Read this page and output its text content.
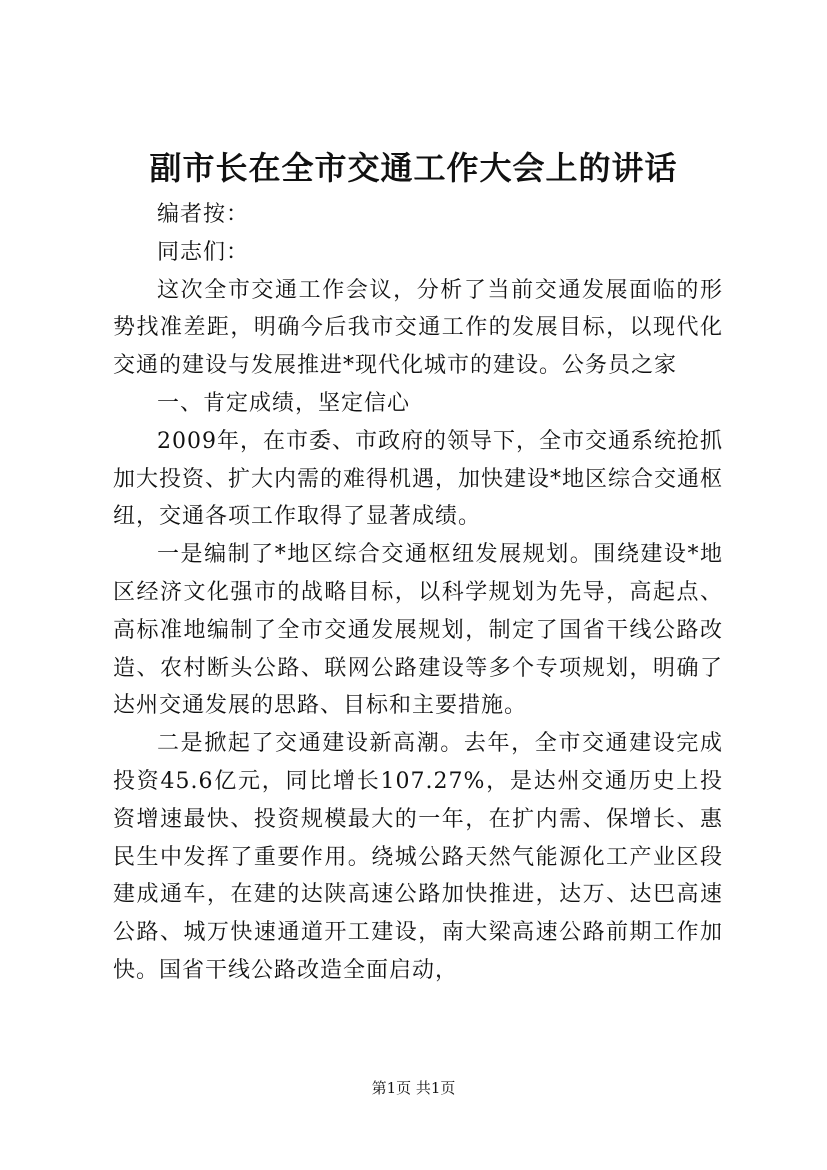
副市长在全市交通工作大会上的讲话

编者按：

同志们：

这次全市交通工作会议，分析了当前交通发展面临的形势找准差距，明确今后我市交通工作的发展目标，以现代化交通的建设与发展推进*现代化城市的建设。公务员之家

一、肯定成绩，坚定信心

2009年，在市委、市政府的领导下，全市交通系统抢抓加大投资、扩大内需的难得机遇，加快建设*地区综合交通枢纽，交通各项工作取得了显著成绩。

一是编制了*地区综合交通枢纽发展规划。围绕建设*地区经济文化强市的战略目标，以科学规划为先导，高起点、高标准地编制了全市交通发展规划，制定了国省干线公路改造、农村断头公路、联网公路建设等多个专项规划，明确了达州交通发展的思路、目标和主要措施。

二是掀起了交通建设新高潮。去年，全市交通建设完成投资45.6亿元，同比增长107.27%，是达州交通历史上投资增速最快、投资规模最大的一年，在扩内需、保增长、惠民生中发挥了重要作用。绕城公路天然气能源化工产业区段建成通车，在建的达陕高速公路加快推进，达万、达巴高速公路、城万快速通道开工建设，南大梁高速公路前期工作加快。国省干线公路改造全面启动，

第1页 共1页
